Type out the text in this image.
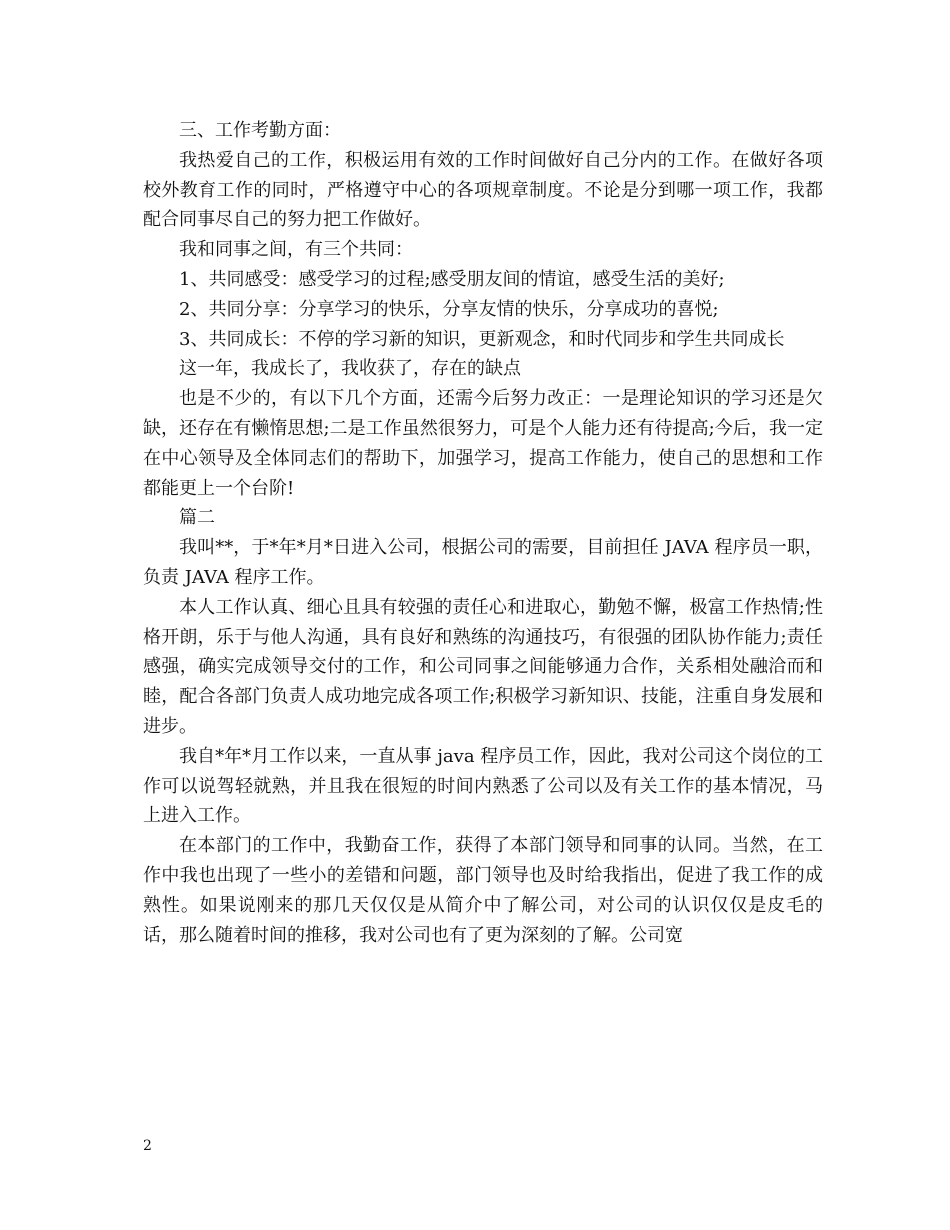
三、工作考勤方面：

我热爱自己的工作，积极运用有效的工作时间做好自己分内的工作。在做好各项校外教育工作的同时，严格遵守中心的各项规章制度。不论是分到哪一项工作，我都配合同事尽自己的努力把工作做好。

我和同事之间，有三个共同：

1、共同感受：感受学习的过程;感受朋友间的情谊，感受生活的美好;

2、共同分享：分享学习的快乐，分享友情的快乐，分享成功的喜悦;

3、共同成长：不停的学习新的知识，更新观念，和时代同步和学生共同成长

这一年，我成长了，我收获了，存在的缺点

也是不少的，有以下几个方面，还需今后努力改正：一是理论知识的学习还是欠缺，还存在有懒惰思想;二是工作虽然很努力，可是个人能力还有待提高;今后，我一定在中心领导及全体同志们的帮助下，加强学习，提高工作能力，使自己的思想和工作都能更上一个台阶!

篇二

我叫**，于*年*月*日进入公司，根据公司的需要，目前担任 JAVA 程序员一职，负责 JAVA 程序工作。

本人工作认真、细心且具有较强的责任心和进取心，勤勉不懈，极富工作热情;性格开朗，乐于与他人沟通，具有良好和熟练的沟通技巧，有很强的团队协作能力;责任感强，确实完成领导交付的工作，和公司同事之间能够通力合作，关系相处融洽而和睦，配合各部门负责人成功地完成各项工作;积极学习新知识、技能，注重自身发展和进步。

我自*年*月工作以来，一直从事 java 程序员工作，因此，我对公司这个岗位的工作可以说驾轻就熟，并且我在很短的时间内熟悉了公司以及有关工作的基本情况，马上进入工作。

在本部门的工作中，我勤奋工作，获得了本部门领导和同事的认同。当然，在工作中我也出现了一些小的差错和问题，部门领导也及时给我指出，促进了我工作的成熟性。如果说刚来的那几天仅仅是从简介中了解公司，对公司的认识仅仅是皮毛的话，那么随着时间的推移，我对公司也有了更为深刻的了解。公司宽

2
